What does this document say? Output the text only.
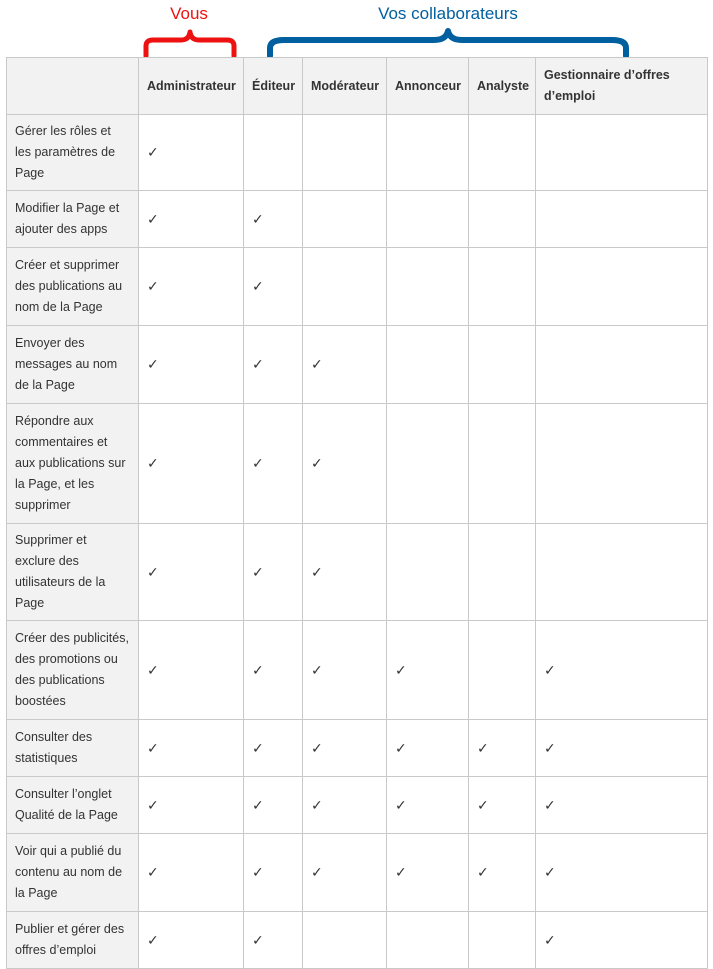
Vous	Vos collaborateurs
	Administrateur	Éditeur	Modérateur	Annonceur	Analyste	Gestionnaire d’offres d’emploi
Gérer les rôles et les paramètres de Page	✓					
Modifier la Page et ajouter des apps	✓	✓				
Créer et supprimer des publications au nom de la Page	✓	✓				
Envoyer des messages au nom de la Page	✓	✓	✓			
Répondre aux commentaires et aux publications sur la Page, et les supprimer	✓	✓	✓			
Supprimer et exclure des utilisateurs de la Page	✓	✓	✓			
Créer des publicités, des promotions ou des publications boostées	✓	✓	✓	✓		✓
Consulter des statistiques	✓	✓	✓	✓	✓	✓
Consulter l’onglet Qualité de la Page	✓	✓	✓	✓	✓	✓
Voir qui a publié du contenu au nom de la Page	✓	✓	✓	✓	✓	✓
Publier et gérer des offres d’emploi	✓	✓				✓
